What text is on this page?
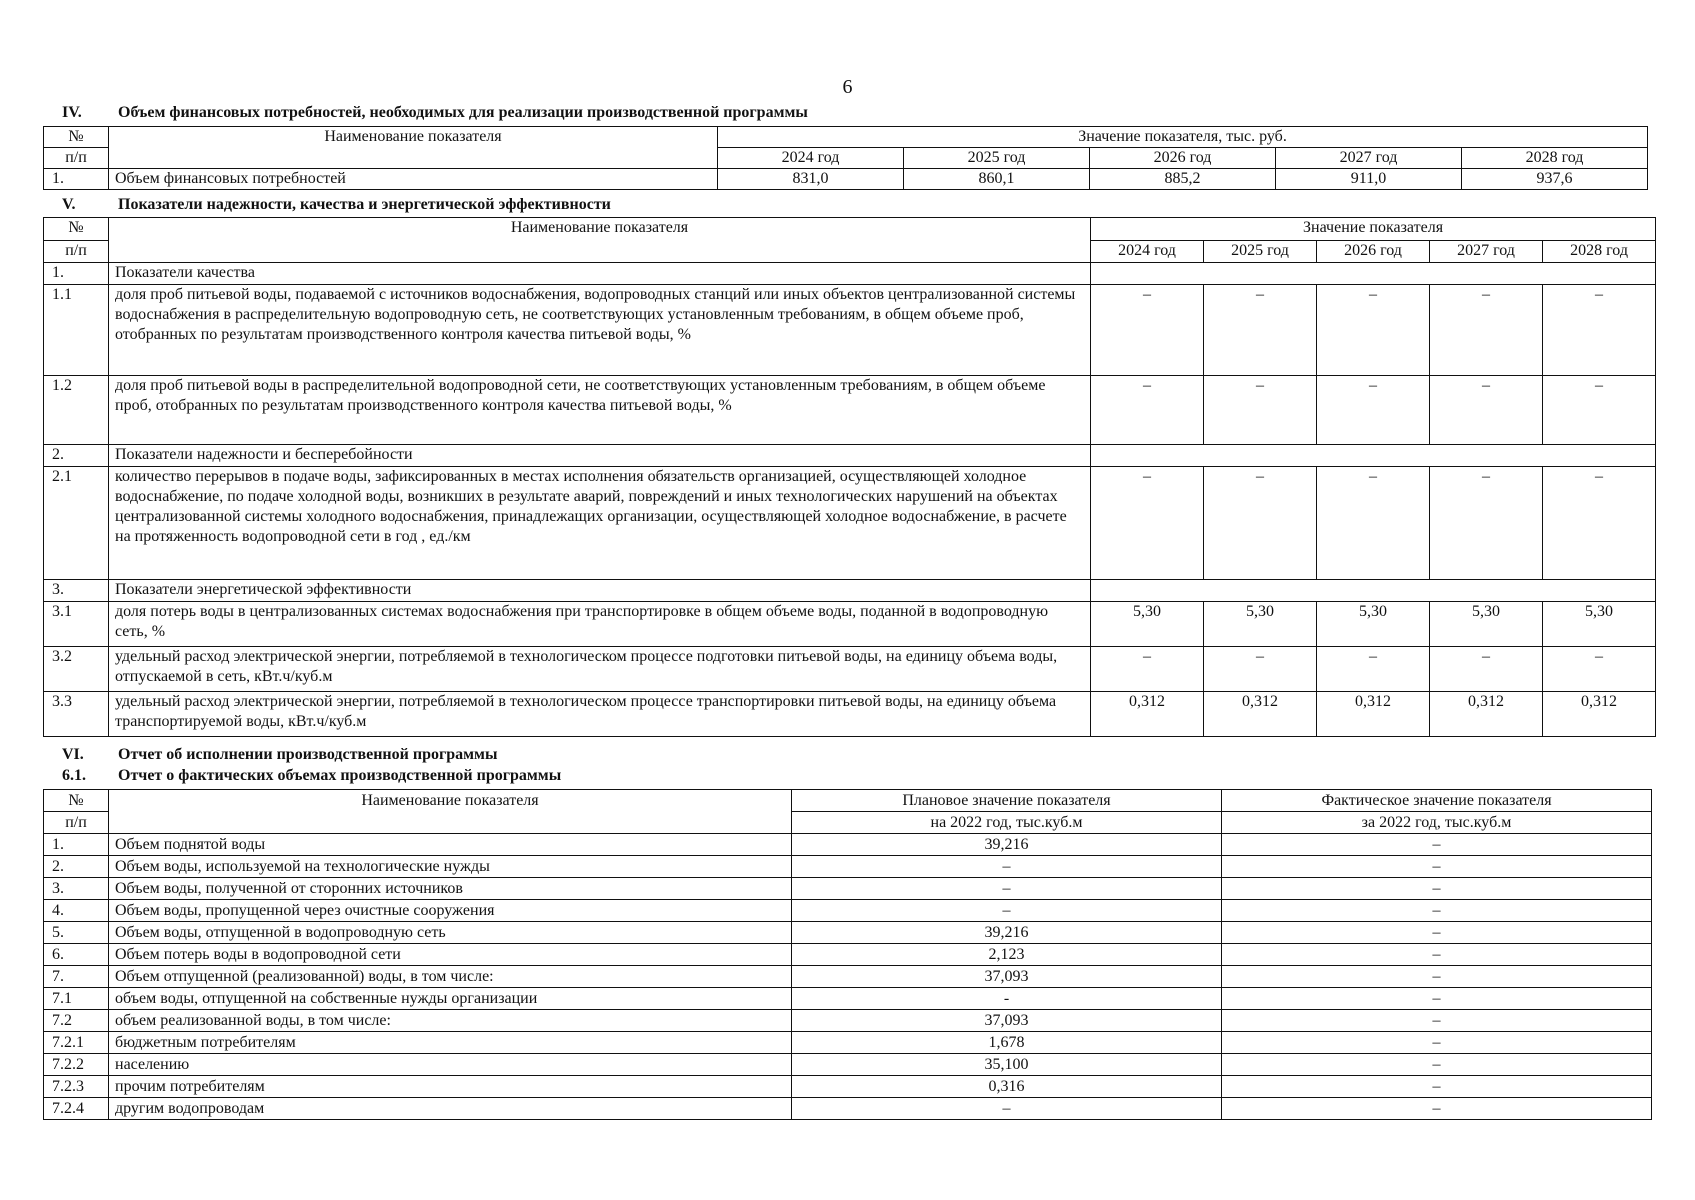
6
IV. Объем финансовых потребностей, необходимых для реализации производственной программы
№	Наименование показателя	Значение показателя, тыс. руб.				
п/п		2024 год	2025 год	2026 год	2027 год	2028 год
1.	Объем финансовых потребностей	831,0	860,1	885,2	911,0	937,6
V.	Показатели надежности, качества и энергетической эффективности
№	Наименование показателя	Значение показателя				
п/п		2024 год	2025 год	2026 год	2027 год	2028 год
1.	Показатели качества					
1.1	доля проб питьевой воды, подаваемой с источников водоснабжения, водопроводных станций или иных объектов централизованной системы водоснабжения в распределительную водопроводную сеть, не соответствующих установленным требованиям, в общем объеме проб, отобранных по результатам производственного контроля качества питьевой воды, %	–	–	–	–	–
1.2	доля проб питьевой воды в распределительной водопроводной сети, не соответствующих установленным требованиям, в общем объеме проб, отобранных по результатам производственного контроля качества питьевой воды, %	–	–	–	–	–
2.	Показатели надежности и бесперебойности					
2.1	количество перерывов в подаче воды, зафиксированных в местах исполнения обязательств организацией, осуществляющей холодное водоснабжение, по подаче холодной воды, возникших в результате аварий, повреждений и иных технологических нарушений на объектах централизованной системы холодного водоснабжения, принадлежащих организации, осуществляющей холодное водоснабжение, в расчете на протяженность водопроводной сети в год , ед./км	–	–	–	–	–
3.	Показатели энергетической эффективности					
3.1	доля потерь воды в централизованных системах водоснабжения при транспортировке в общем объеме воды, поданной в водопроводную сеть, %	5,30	5,30	5,30	5,30	5,30
3.2	удельный расход электрической энергии, потребляемой в технологическом процессе подготовки питьевой воды, на единицу объема воды, отпускаемой в сеть, кВт.ч/куб.м	–	–	–	–	–
3.3	удельный расход электрической энергии, потребляемой в технологическом процессе транспортировки питьевой воды, на единицу объема транспортируемой воды, кВт.ч/куб.м	0,312	0,312	0,312	0,312	0,312
VI. Отчет об исполнении производственной программы
6.1. Отчет о фактических объемах производственной программы
№	Наименование показателя	Плановое значение показателя	Фактическое значение показателя
п/п		на 2022 год, тыс.куб.м	за 2022 год, тыс.куб.м
1.	Объем поднятой воды	39,216	–
2.	Объем воды, используемой на технологические нужды	–	–
3.	Объем воды, полученной от сторонних источников	–	–
4.	Объем воды, пропущенной через очистные сооружения	–	–
5.	Объем воды, отпущенной в водопроводную сеть	39,216	–
6.	Объем потерь воды в водопроводной сети	2,123	–
7.	Объем отпущенной (реализованной) воды, в том числе:	37,093	–
7.1	объем воды, отпущенной на собственные нужды организации	-	–
7.2	объем реализованной воды, в том числе:	37,093	–
7.2.1	бюджетным потребителям	1,678	–
7.2.2	населению	35,100	–
7.2.3	прочим потребителям	0,316	–
7.2.4	другим водопроводам	–	–
